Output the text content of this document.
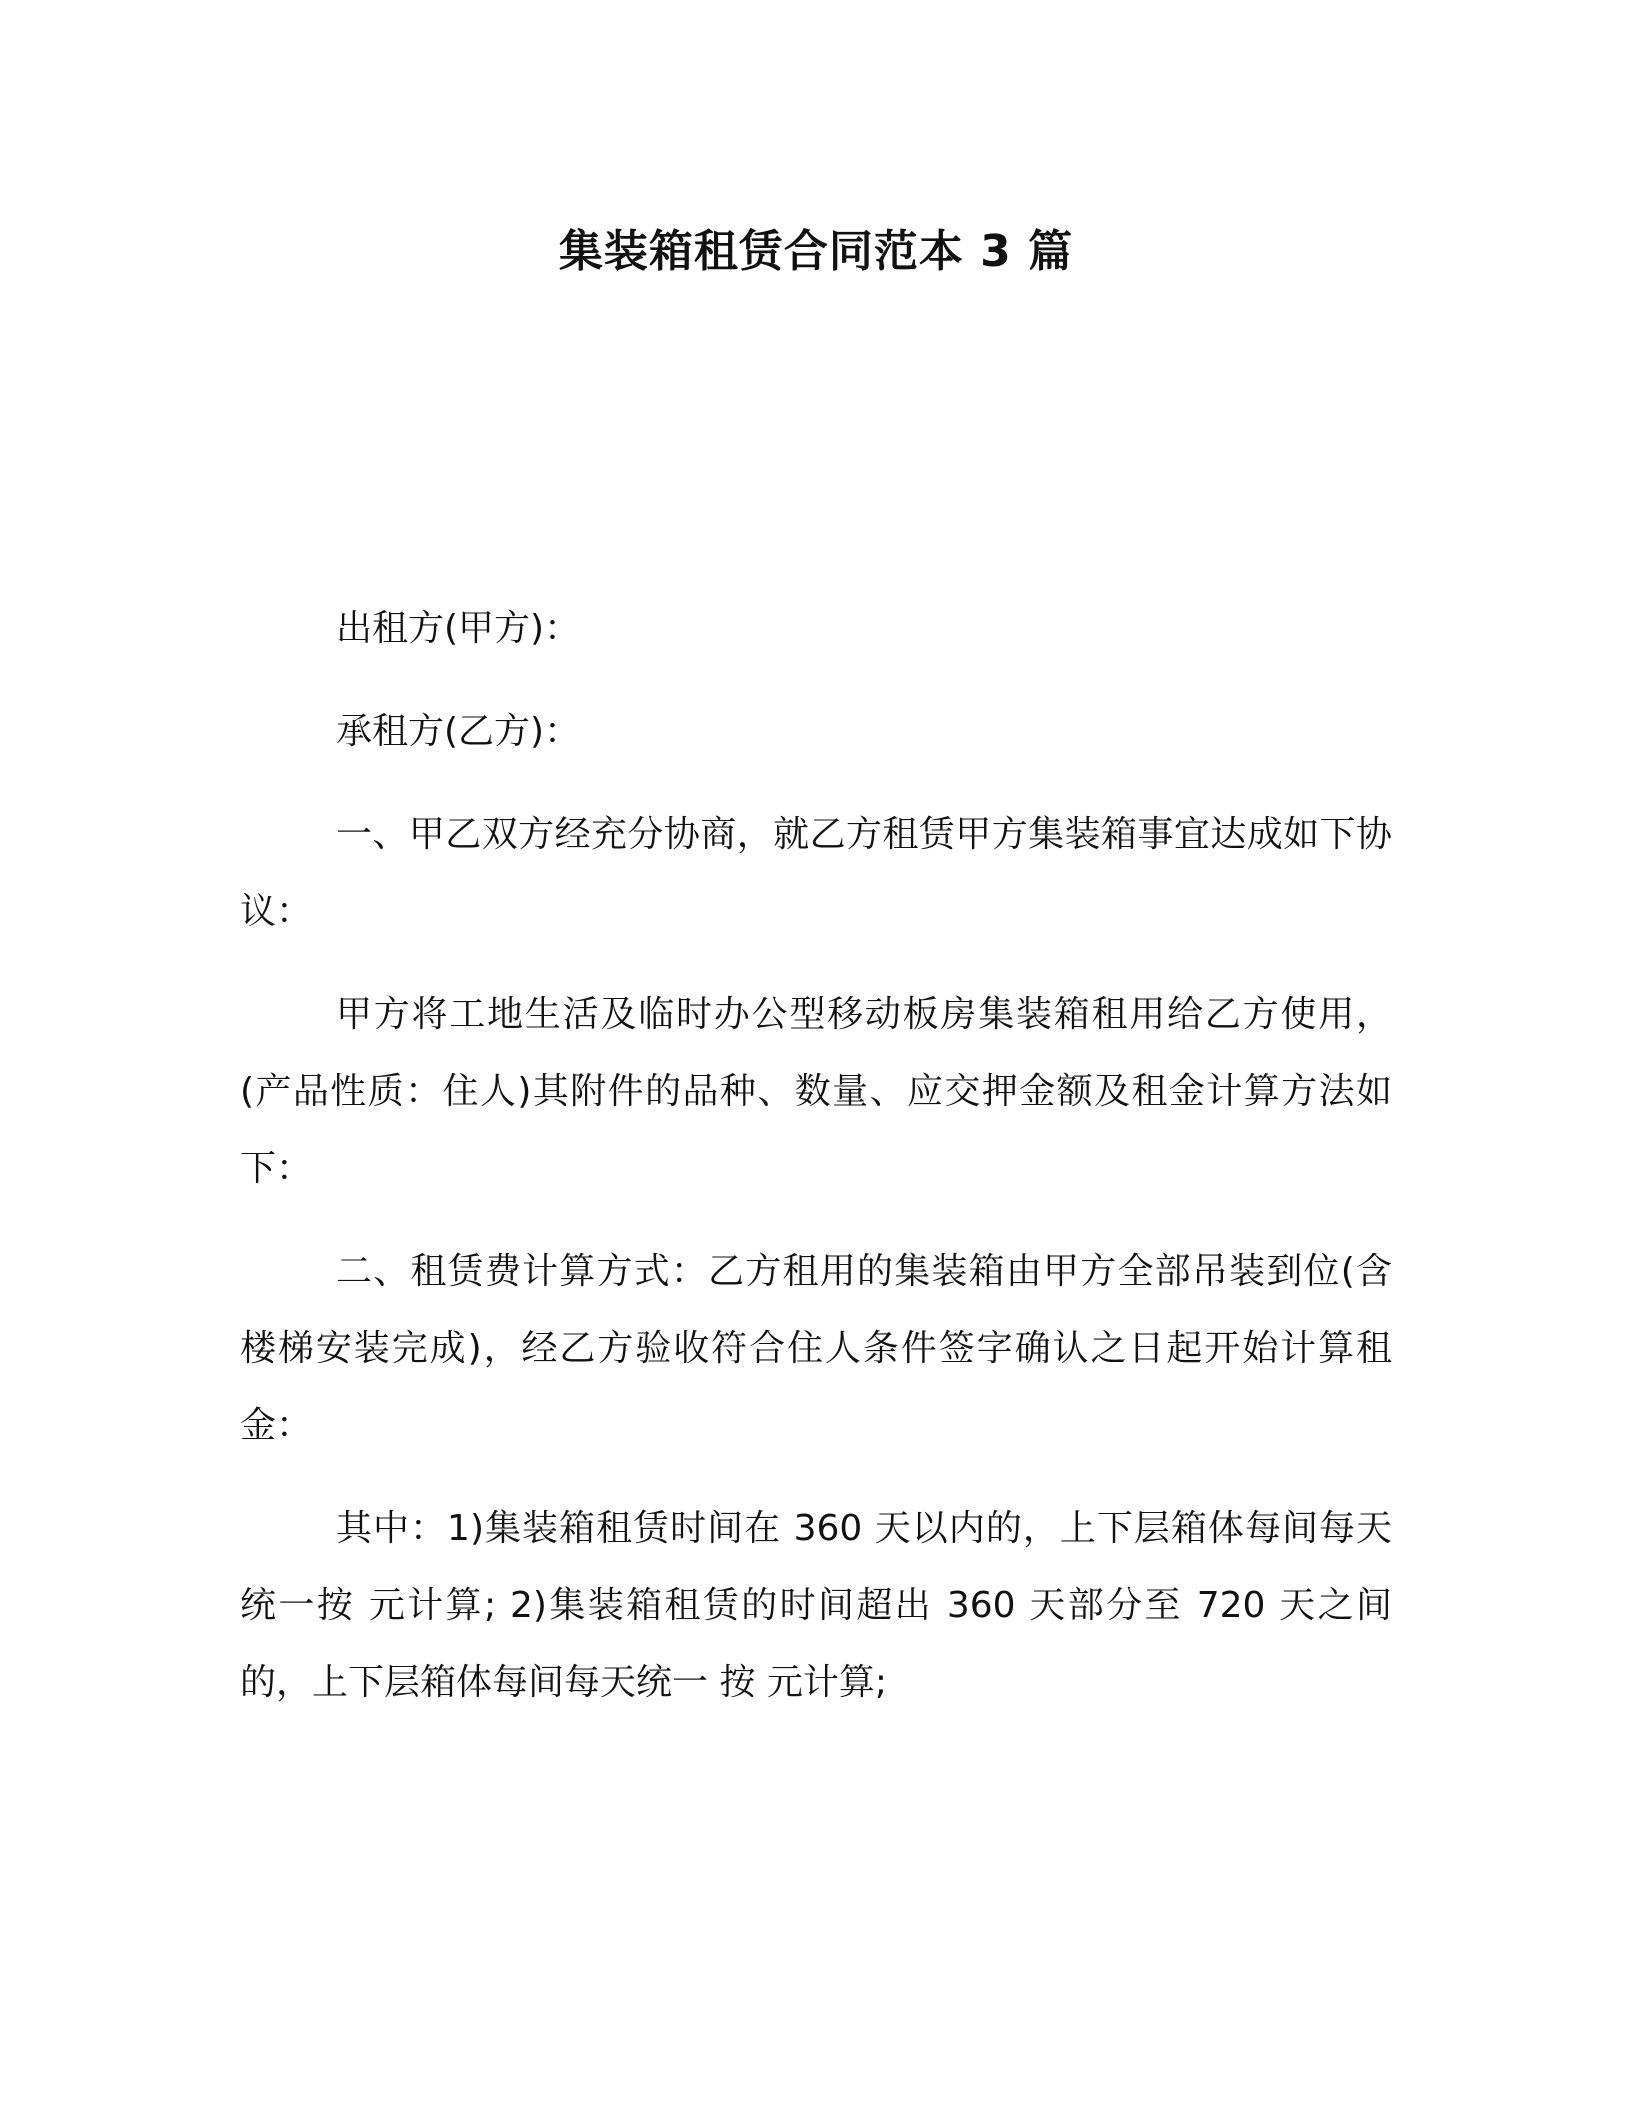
集装箱租赁合同范本 3 篇

出租方(甲方)：

承租方(乙方)：

一、甲乙双方经充分协商，就乙方租赁甲方集装箱事宜达成如下协议：

甲方将工地生活及临时办公型移动板房集装箱租用给乙方使用，(产品性质：住人)其附件的品种、数量、应交押金额及租金计算方法如下：

二、租赁费计算方式：乙方租用的集装箱由甲方全部吊装到位(含楼梯安装完成)，经乙方验收符合住人条件签字确认之日起开始计算租金：

其中：1)集装箱租赁时间在 360 天以内的，上下层箱体每间每天统一按 元计算; 2)集装箱租赁的时间超出 360 天部分至 720 天之间的，上下层箱体每间每天统一 按 元计算;
